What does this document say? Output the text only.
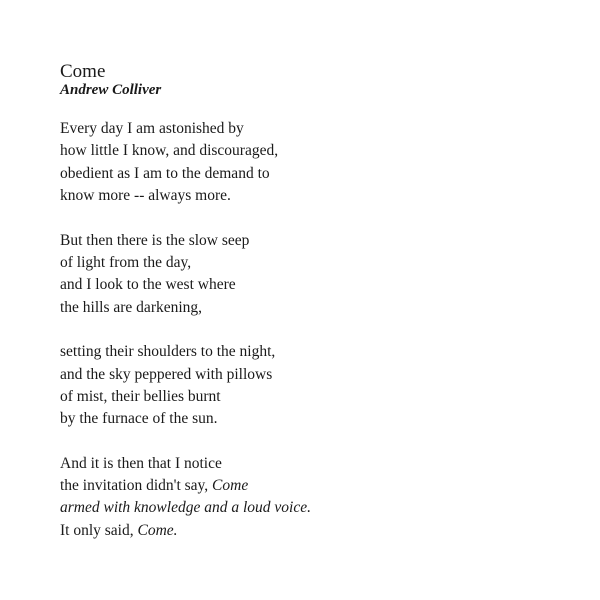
Come
Andrew Colliver
Every day I am astonished by
how little I know, and discouraged,
obedient as I am to the demand to
know more -- always more.
But then there is the slow seep
of light from the day,
and I look to the west where
the hills are darkening,
setting their shoulders to the night,
and the sky peppered with pillows
of mist, their bellies burnt
by the furnace of the sun.
And it is then that I notice
the invitation didn't say, Come
armed with knowledge and a loud voice.
It only said, Come.
